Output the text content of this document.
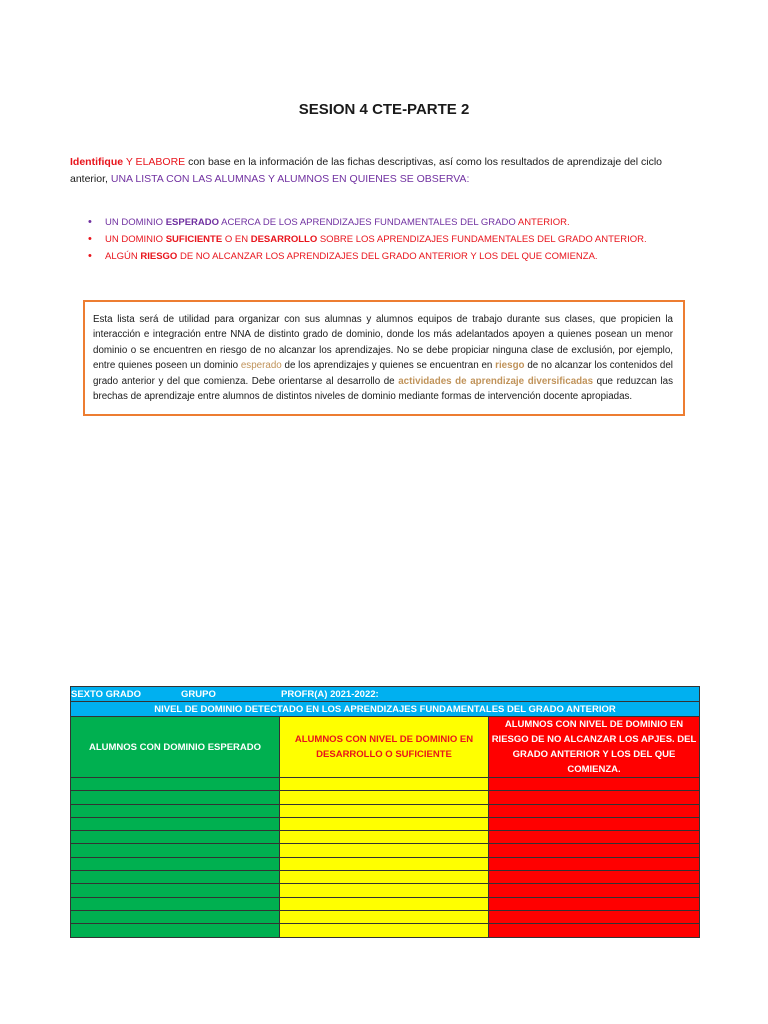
SESION 4 CTE-PARTE 2
Identifique Y ELABORE con base en la información de las fichas descriptivas, así como los resultados de aprendizaje del ciclo anterior, UNA LISTA CON LAS ALUMNAS Y ALUMNOS EN QUIENES SE OBSERVA:
• UN DOMINIO ESPERADO ACERCA DE LOS APRENDIZAJES FUNDAMENTALES DEL GRADO ANTERIOR.
• UN DOMINIO SUFICIENTE O EN DESARROLLO SOBRE LOS APRENDIZAJES FUNDAMENTALES DEL GRADO ANTERIOR.
• ALGÚN RIESGO DE NO ALCANZAR LOS APRENDIZAJES DEL GRADO ANTERIOR Y LOS DEL QUE COMIENZA.
Esta lista será de utilidad para organizar con sus alumnas y alumnos equipos de trabajo durante sus clases, que propicien la interacción e integración entre NNA de distinto grado de dominio, donde los más adelantados apoyen a quienes posean un menor dominio o se encuentren en riesgo de no alcanzar los aprendizajes. No se debe propiciar ninguna clase de exclusión, por ejemplo, entre quienes poseen un dominio esperado de los aprendizajes y quienes se encuentran en riesgo de no alcanzar los contenidos del grado anterior y del que comienza. Debe orientarse al desarrollo de actividades de aprendizaje diversificadas que reduzcan las brechas de aprendizaje entre alumnos de distintos niveles de dominio mediante formas de intervención docente apropiadas.
SEXTO GRADO GRUPO PROFR(A) 2021-2022:		
NIVEL DE DOMINIO DETECTADO EN LOS APRENDIZAJES FUNDAMENTALES DEL GRADO ANTERIOR		
ALUMNOS CON DOMINIO ESPERADO	ALUMNOS CON NIVEL DE DOMINIO EN DESARROLLO O SUFICIENTE	ALUMNOS CON NIVEL DE DOMINIO EN RIESGO DE NO ALCANZAR LOS APJES. DEL GRADO ANTERIOR Y LOS DEL QUE COMIENZA.
